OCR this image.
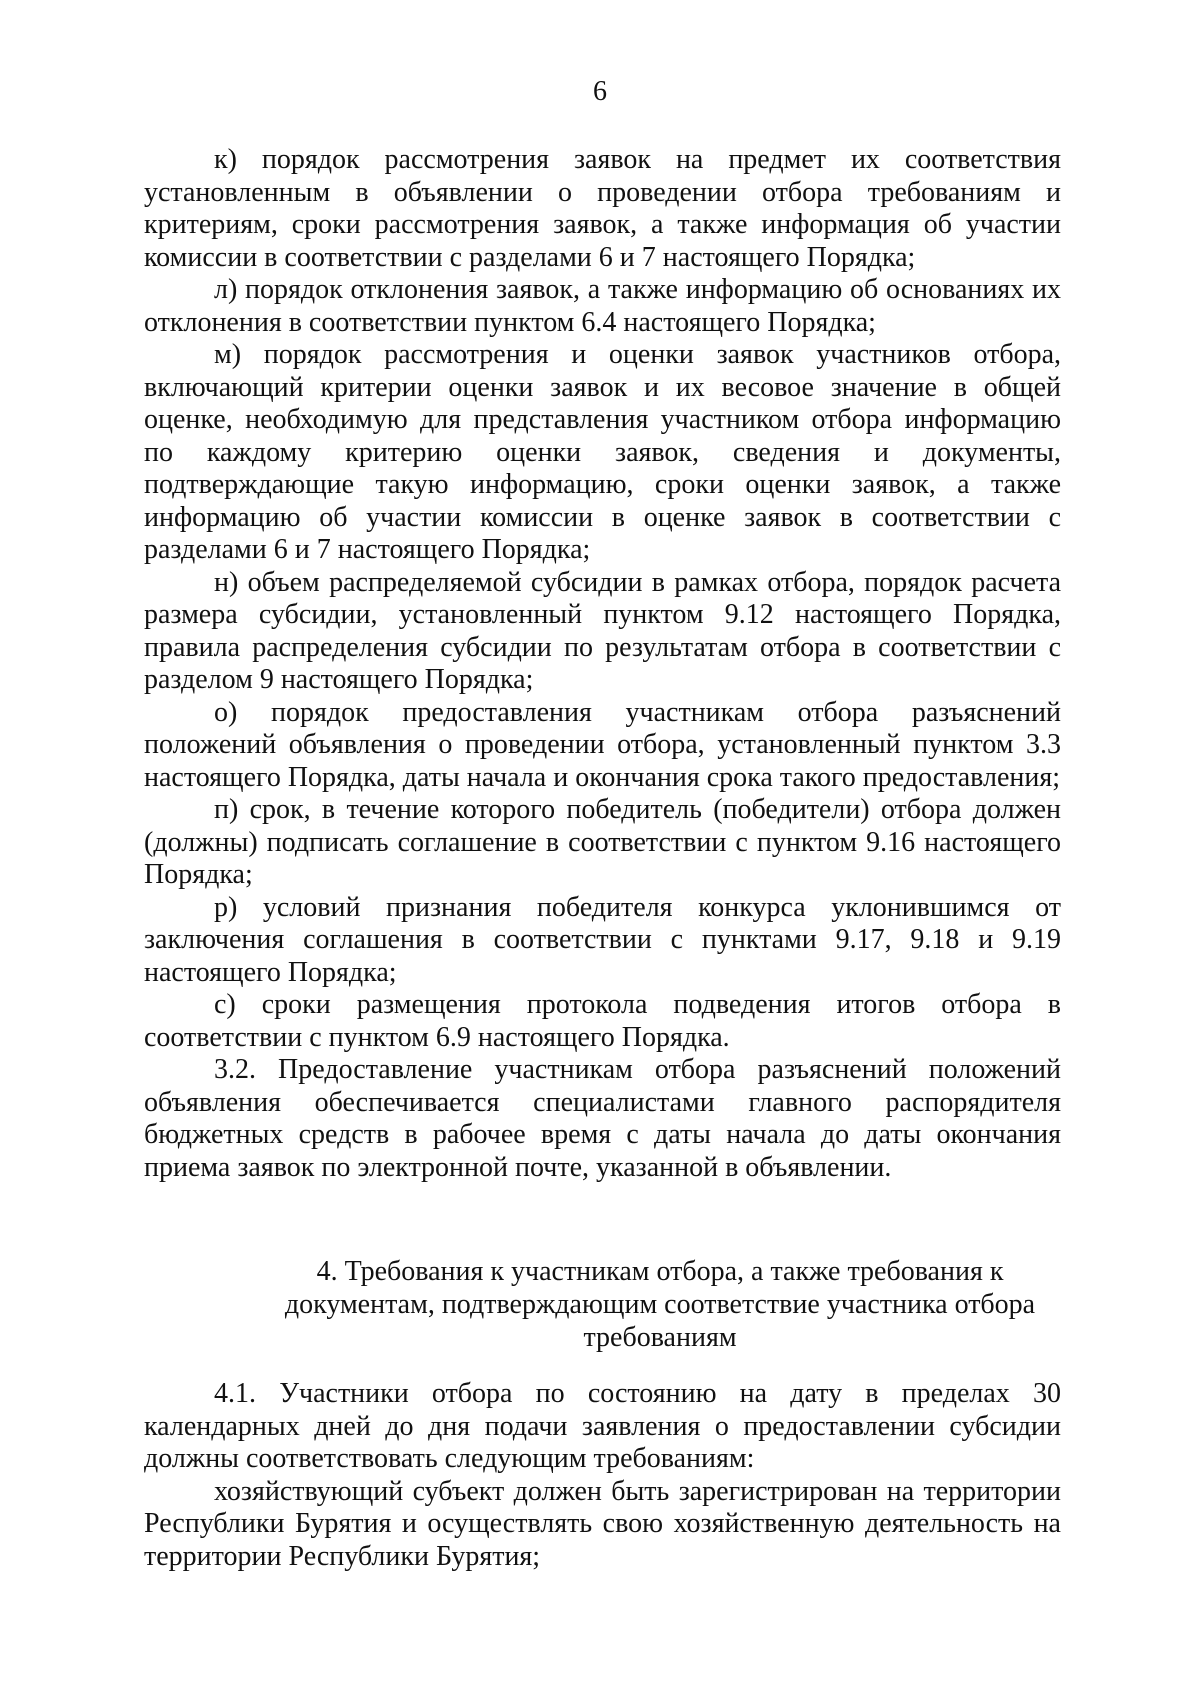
6

к) порядок рассмотрения заявок на предмет их соответствия установленным в объявлении о проведении отбора требованиям и критериям, сроки рассмотрения заявок, а также информация об участии комиссии в соответствии с разделами 6 и 7 настоящего Порядка;

л) порядок отклонения заявок, а также информацию об основаниях их отклонения в соответствии пунктом 6.4 настоящего Порядка;

м) порядок рассмотрения и оценки заявок участников отбора, включающий критерии оценки заявок и их весовое значение в общей оценке, необходимую для представления участником отбора информацию по каждому критерию оценки заявок, сведения и документы, подтверждающие такую информацию, сроки оценки заявок, а также информацию об участии комиссии в оценке заявок в соответствии с разделами 6 и 7 настоящего Порядка;

н) объем распределяемой субсидии в рамках отбора, порядок расчета размера субсидии, установленный пунктом 9.12 настоящего Порядка, правила распределения субсидии по результатам отбора в соответствии с разделом 9 настоящего Порядка;

о) порядок предоставления участникам отбора разъяснений положений объявления о проведении отбора, установленный пунктом 3.3 настоящего Порядка, даты начала и окончания срока такого предоставления;

п) срок, в течение которого победитель (победители) отбора должен (должны) подписать соглашение в соответствии с пунктом 9.16 настоящего Порядка;

р) условий признания победителя конкурса уклонившимся от заключения соглашения в соответствии с пунктами 9.17, 9.18 и 9.19 настоящего Порядка;

с) сроки размещения протокола подведения итогов отбора в соответствии с пунктом 6.9 настоящего Порядка.

3.2. Предоставление участникам отбора разъяснений положений объявления обеспечивается специалистами главного распорядителя бюджетных средств в рабочее время с даты начала до даты окончания приема заявок по электронной почте, указанной в объявлении.

4. Требования к участникам отбора, а также требования к
документам, подтверждающим соответствие участника отбора
требованиям

4.1. Участники отбора по состоянию на дату в пределах 30 календарных дней до дня подачи заявления о предоставлении субсидии должны соответствовать следующим требованиям:

хозяйствующий субъект должен быть зарегистрирован на территории Республики Бурятия и осуществлять свою хозяйственную деятельность на территории Республики Бурятия;
